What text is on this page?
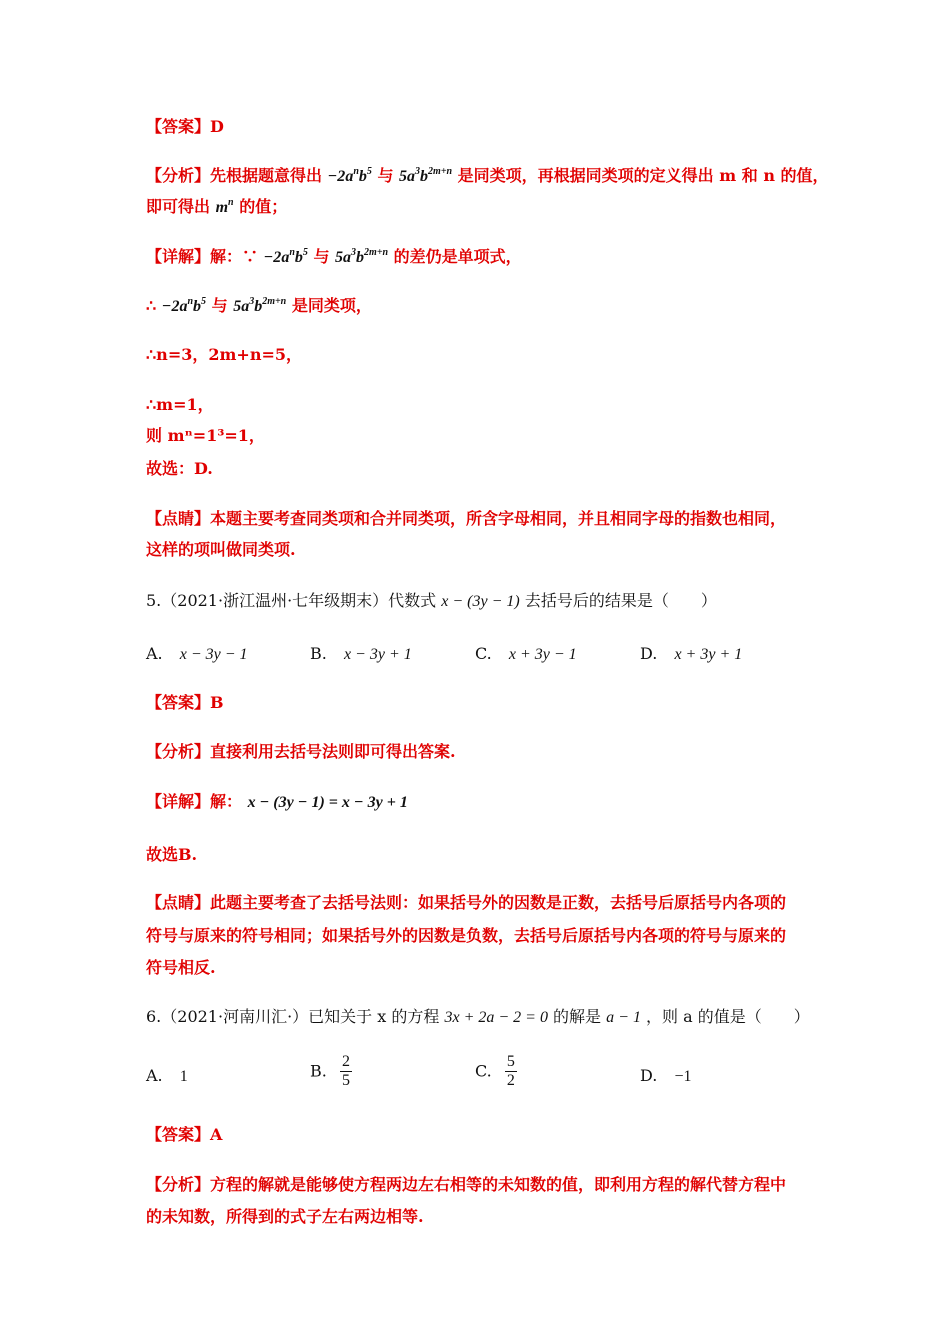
【答案】D
【分析】先根据题意得出 $-2a^nb^5$ 与 $5a^3b^{2m+n}$ 是同类项，再根据同类项的定义得出 m 和 n 的值，
即可得出 $m^n$ 的值；
【详解】解：∵ $-2a^nb^5$ 与 $5a^3b^{2m+n}$ 的差仍是单项式，
∴ $-2a^nb^5$ 与 $5a^3b^{2m+n}$ 是同类项，
∴n=3，2m+n=5，
∴m=1，
则 mⁿ=1³=1，
故选：D.
【点睛】本题主要考查同类项和合并同类项，所含字母相同，并且相同字母的指数也相同，
这样的项叫做同类项.
5.（2021·浙江温州·七年级期末）代数式 x − (3y − 1) 去括号后的结果是（　　）
A. x − 3y − 1	B. x − 3y + 1	C. x + 3y − 1	D. x + 3y + 1
【答案】B
【分析】直接利用去括号法则即可得出答案.
【详解】解： x − (3y − 1) = x − 3y + 1
故选B.
【点睛】此题主要考查了去括号法则：如果括号外的因数是正数，去括号后原括号内各项的
符号与原来的符号相同；如果括号外的因数是负数，去括号后原括号内各项的符号与原来的
符号相反.
6.（2021·河南川汇·）已知关于 x 的方程 3x + 2a − 2 = 0 的解是 a − 1 ，则 a 的值是（　　）
A. 1	B. $\frac{2}{5}$	C. $\frac{5}{2}$	D. −1
【答案】A
【分析】方程的解就是能够使方程两边左右相等的未知数的值，即利用方程的解代替方程中
的未知数，所得到的式子左右两边相等.
